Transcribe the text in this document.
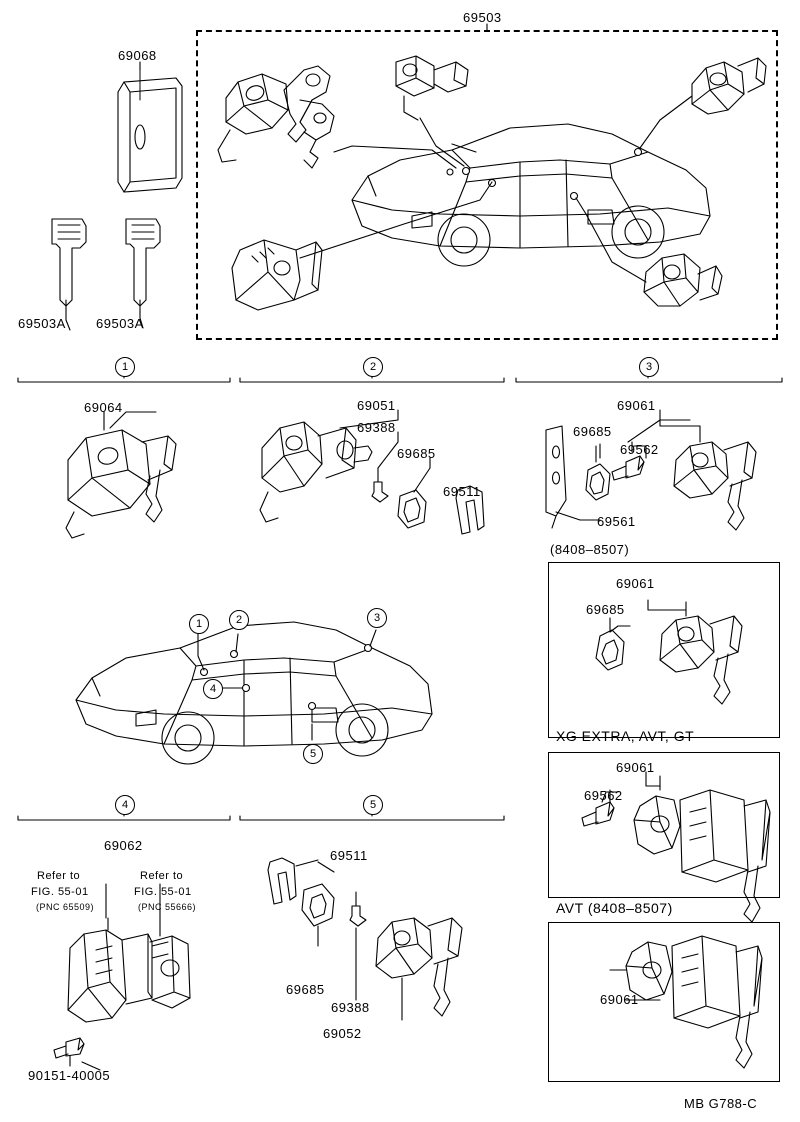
69503
69068
69503A 69503A
1	2	3
4	5
69064	69051
69388
69685
69511
69061
69685
69562
69561
1	2	3
4
5
69062
Refer to
FIG. 55-01
(PNC 65509)
Refer to
FIG. 55-01
(PNC 55666)
90151-40005
69511
69685
69388
69052
(8408–8507)
69061
69685
XG EXTRA, AVT, GT
69061
69562
AVT (8408–8507)
69061
MB G788-C
